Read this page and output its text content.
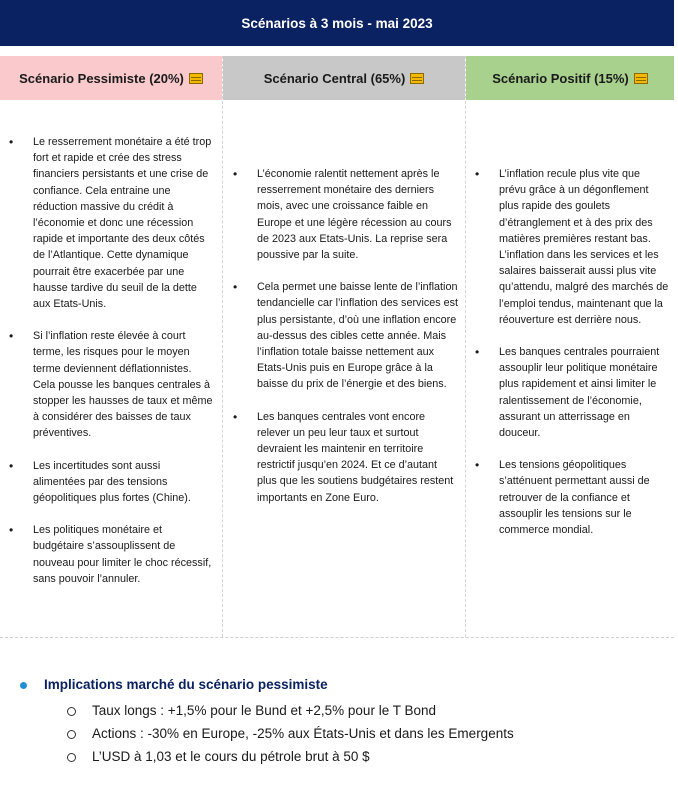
Scénarios à 3 mois - mai 2023
Scénario Pessimiste (20%)
• Le resserrement monétaire a été trop fort et rapide et crée des stress financiers persistants et une crise de confiance. Cela entraine une réduction massive du crédit à l’économie et donc une récession rapide et importante des deux côtés de l’Atlantique. Cette dynamique pourrait être exacerbée par une hausse tardive du seuil de la dette aux Etats-Unis.
• Si l’inflation reste élevée à court terme, les risques pour le moyen terme deviennent déflationnistes. Cela pousse les banques centrales à stopper les hausses de taux et même à considérer des baisses de taux préventives.
• Les incertitudes sont aussi alimentées par des tensions géopolitiques plus fortes (Chine).
• Les politiques monétaire et budgétaire s’assouplissent de nouveau pour limiter le choc récessif, sans pouvoir l’annuler.
Scénario Central (65%)
• L’économie ralentit nettement après le resserrement monétaire des derniers mois, avec une croissance faible en Europe et une légère récession au cours de 2023 aux Etats-Unis. La reprise sera poussive par la suite.
• Cela permet une baisse lente de l’inflation tendancielle car l’inflation des services est plus persistante, d’où une inflation encore au-dessus des cibles cette année. Mais l’inflation totale baisse nettement aux Etats-Unis puis en Europe grâce à la baisse du prix de l’énergie et des biens.
• Les banques centrales vont encore relever un peu leur taux et surtout devraient les maintenir en territoire restrictif jusqu’en 2024. Et ce d’autant plus que les soutiens budgétaires restent importants en Zone Euro.
Scénario Positif (15%)
• L’inflation recule plus vite que prévu grâce à un dégonflement plus rapide des goulets d’étranglement et à des prix des matières premières restant bas. L’inflation dans les services et les salaires baisserait aussi plus vite qu’attendu, malgré des marchés de l’emploi tendus, maintenant que la réouverture est derrière nous.
• Les banques centrales pourraient assouplir leur politique monétaire plus rapidement et ainsi limiter le ralentissement de l’économie, assurant un atterrissage en douceur.
• Les tensions géopolitiques s’atténuent permettant aussi de retrouver de la confiance et assouplir les tensions sur le commerce mondial.
Implications marché du scénario pessimiste
Taux longs : +1,5% pour le Bund et +2,5% pour le T Bond
Actions : -30% en Europe, -25% aux États-Unis et dans les Emergents
L’USD à 1,03 et le cours du pétrole brut à 50 $
